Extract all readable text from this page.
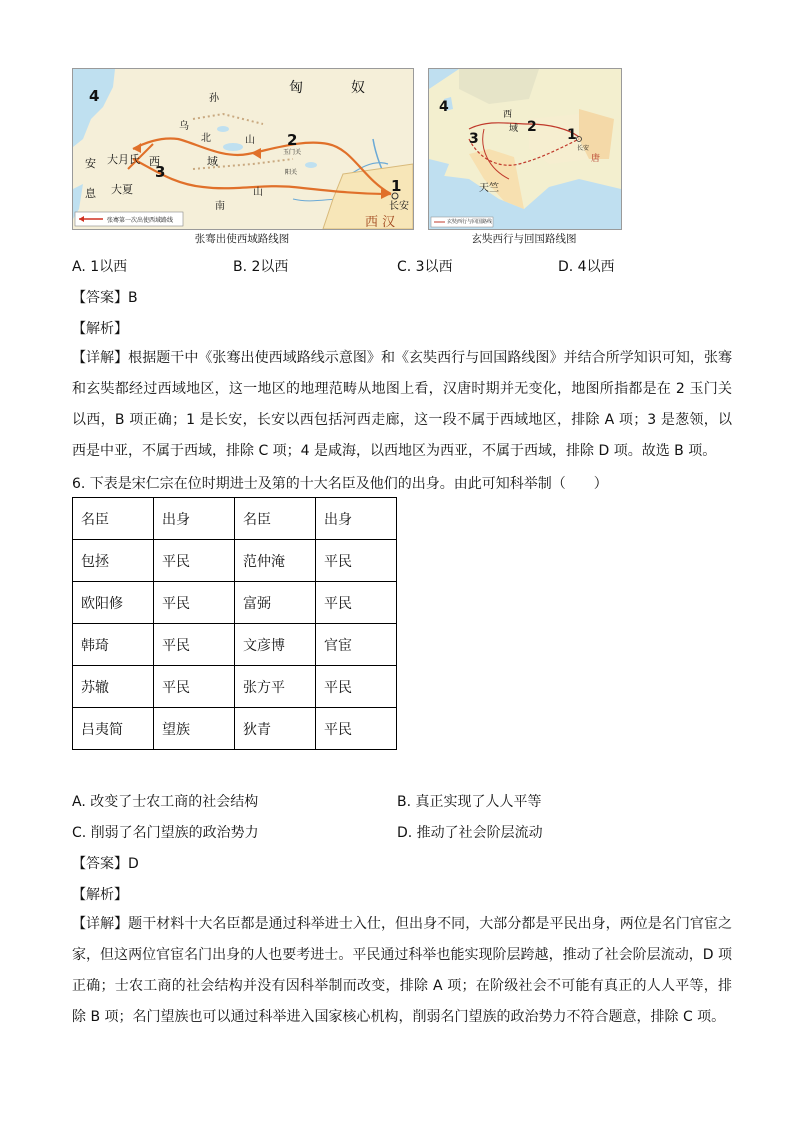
4
3
2
1
匈	奴
乌
孙
北	山
安
息
大月氏
大夏
西	域
玉门关
阳关
山
南	长安
西 汉
张骞第一次出使西域路线
张骞出使西域路线图
4
3
2 1
西
域
天竺
长安
唐
玄奘西行与回国路线
玄奘西行与回国路线图
A. 1以西	B. 2以西	C. 3以西	D. 4以西
【答案】B
【解析】
【详解】根据题干中《张骞出使西域路线示意图》和《玄奘西行与回国路线图》并结合所学知识可知，张骞和玄奘都经过西域地区，这一地区的地理范畴从地图上看，汉唐时期并无变化，地图所指都是在 2 玉门关以西，B 项正确；1 是长安，长安以西包括河西走廊，这一段不属于西域地区，排除 A 项；3 是葱领，以西是中亚，不属于西域，排除 C 项；4 是咸海，以西地区为西亚，不属于西域，排除 D 项。故选 B 项。
6. 下表是宋仁宗在位时期进士及第的十大名臣及他们的出身。由此可知科举制（　　）
名臣	出身	名臣	出身
包拯	平民	范仲淹	平民
欧阳修	平民	富弼	平民
韩琦	平民	文彦博	官宦
苏辙	平民	张方平	平民
吕夷简	望族	狄青	平民
A. 改变了士农工商的社会结构	B. 真正实现了人人平等
C. 削弱了名门望族的政治势力	D. 推动了社会阶层流动
【答案】D
【解析】
【详解】题干材料十大名臣都是通过科举进士入仕，但出身不同，大部分都是平民出身，两位是名门官宦之家，但这两位官宦名门出身的人也要考进士。平民通过科举也能实现阶层跨越，推动了社会阶层流动，D 项正确；士农工商的社会结构并没有因科举制而改变，排除 A 项；在阶级社会不可能有真正的人人平等，排除 B 项；名门望族也可以通过科举进入国家核心机构，削弱名门望族的政治势力不符合题意，排除 C 项。
